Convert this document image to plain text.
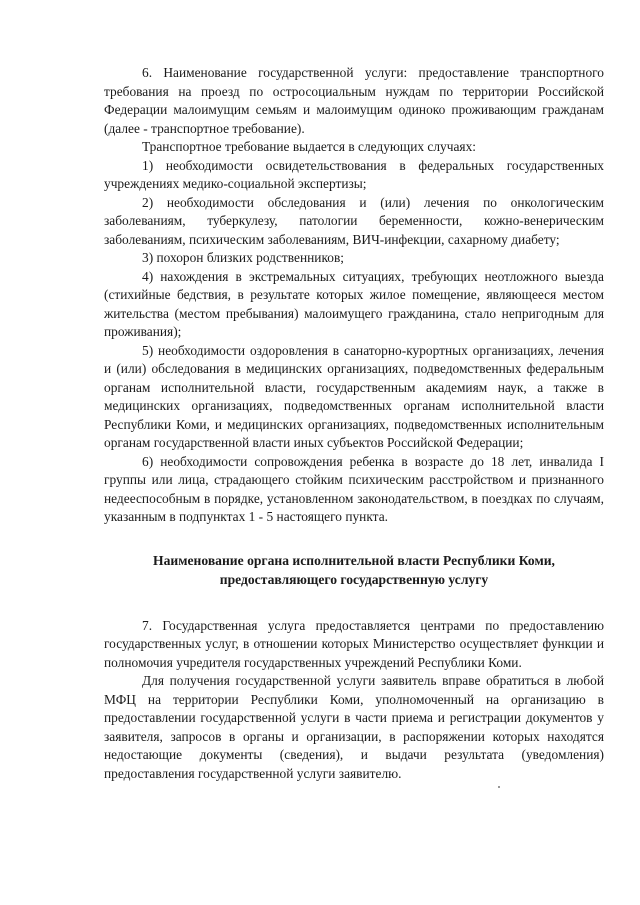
6. Наименование государственной услуги: предоставление транспортного требования на проезд по остросоциальным нуждам по территории Российской Федерации малоимущим семьям и малоимущим одиноко проживающим гражданам (далее - транспортное требование).

Транспортное требование выдается в следующих случаях:

1) необходимости освидетельствования в федеральных государственных учреждениях медико-социальной экспертизы;

2) необходимости обследования и (или) лечения по онкологическим заболеваниям, туберкулезу, патологии беременности, кожно-венерическим заболеваниям, психическим заболеваниям, ВИЧ-инфекции, сахарному диабету;

3) похорон близких родственников;

4) нахождения в экстремальных ситуациях, требующих неотложного выезда (стихийные бедствия, в результате которых жилое помещение, являющееся местом жительства (местом пребывания) малоимущего гражданина, стало непригодным для проживания);

5) необходимости оздоровления в санаторно-курортных организациях, лечения и (или) обследования в медицинских организациях, подведомственных федеральным органам исполнительной власти, государственным академиям наук, а также в медицинских организациях, подведомственных органам исполнительной власти Республики Коми, и медицинских организациях, подведомственных исполнительным органам государственной власти иных субъектов Российской Федерации;

6) необходимости сопровождения ребенка в возрасте до 18 лет, инвалида I группы или лица, страдающего стойким психическим расстройством и признанного недееспособным в порядке, установленном законодательством, в поездках по случаям, указанным в подпунктах 1 - 5 настоящего пункта.

Наименование органа исполнительной власти Республики Коми,
предоставляющего государственную услугу

7. Государственная услуга предоставляется центрами по предоставлению государственных услуг, в отношении которых Министерство осуществляет функции и полномочия учредителя государственных учреждений Республики Коми.

Для получения государственной услуги заявитель вправе обратиться в любой МФЦ на территории Республики Коми, уполномоченный на организацию в предоставлении государственной услуги в части приема и регистрации документов у заявителя, запросов в органы и организации, в распоряжении которых находятся недостающие документы (сведения), и выдачи результата (уведомления) предоставления государственной услуги заявителю.
